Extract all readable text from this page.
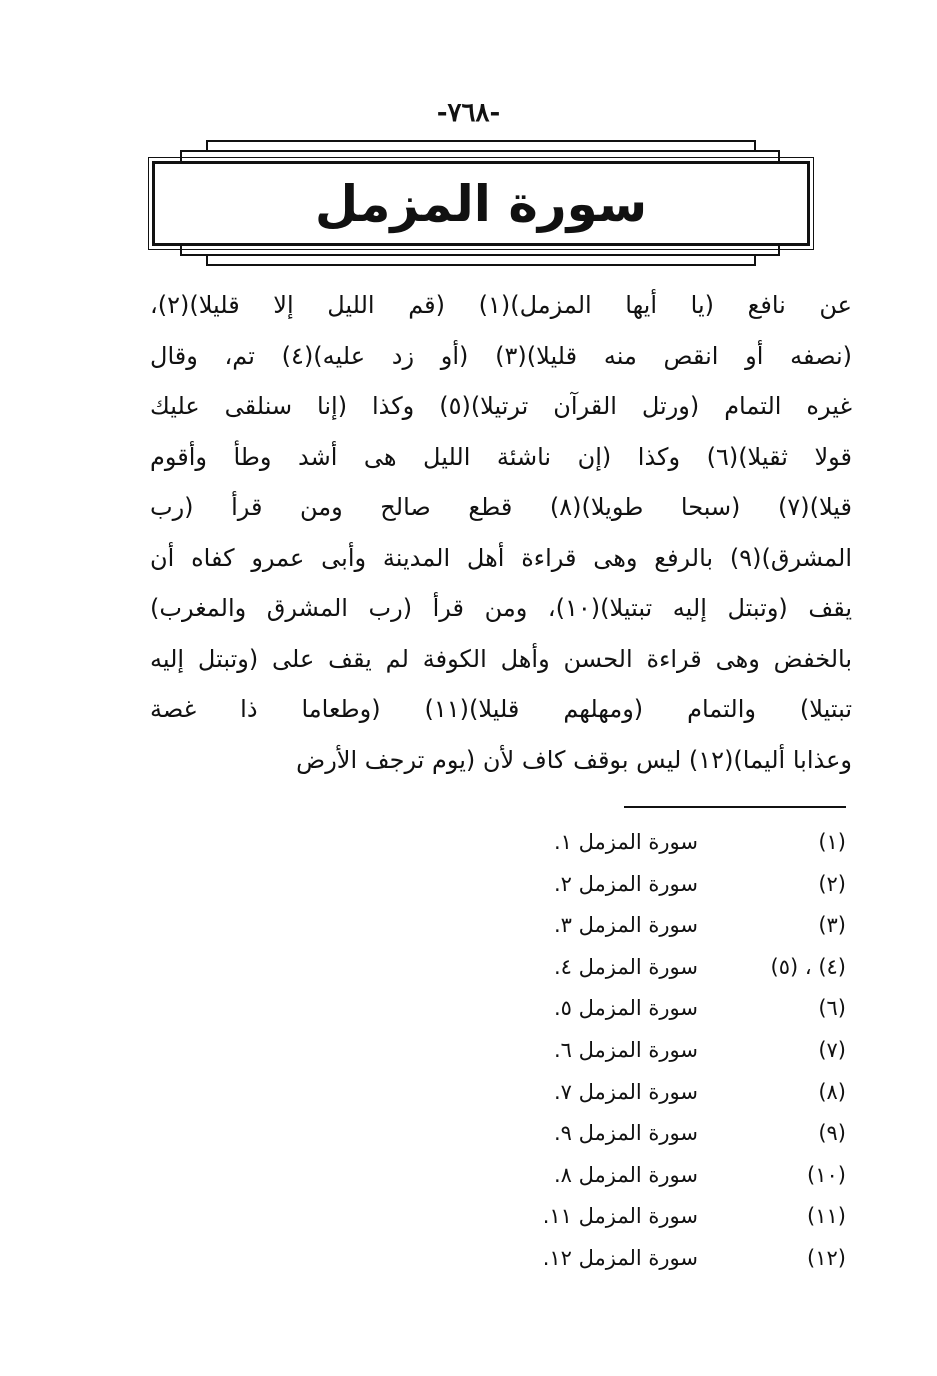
-٧٦٨-
سورة المزمل
عن نافع (يا أيها المزمل)(١) (قم الليل إلا قليلا)(٢)،
(نصفه أو انقص منه قليلا)(٣) (أو زد عليه)(٤) تم، وقال
غيره التمام (ورتل القرآن ترتيلا)(٥) وكذا (إنا سنلقى عليك
قولا ثقيلا)(٦) وكذا (إن ناشئة الليل هى أشد وطأ وأقوم
قيلا)(٧) (سبحا طويلا)(٨) قطع صالح ومن قرأ (رب
المشرق)(٩) بالرفع وهى قراءة أهل المدينة وأبى عمرو كفاه أن
يقف (وتبتل إليه تبتيلا)(١٠)، ومن قرأ (رب المشرق والمغرب)
بالخفض وهى قراءة الحسن وأهل الكوفة لم يقف على (وتبتل إليه
تبتيلا) والتمام (ومهلهم قليلا)(١١) (وطعاما ذا غصة
وعذابا أليما)(١٢) ليس بوقف كاف لأن (يوم ترجف الأرض
(١)
سورة المزمل ١.
(٢)
سورة المزمل ٢.
(٣)
سورة المزمل ٣.
(٤) ، (٥)
سورة المزمل ٤.
(٦)
سورة المزمل ٥.
(٧)
سورة المزمل ٦.
(٨)
سورة المزمل ٧.
(٩)
سورة المزمل ٩.
(١٠)
سورة المزمل ٨.
(١١)
سورة المزمل ١١.
(١٢)
سورة المزمل ١٢.
